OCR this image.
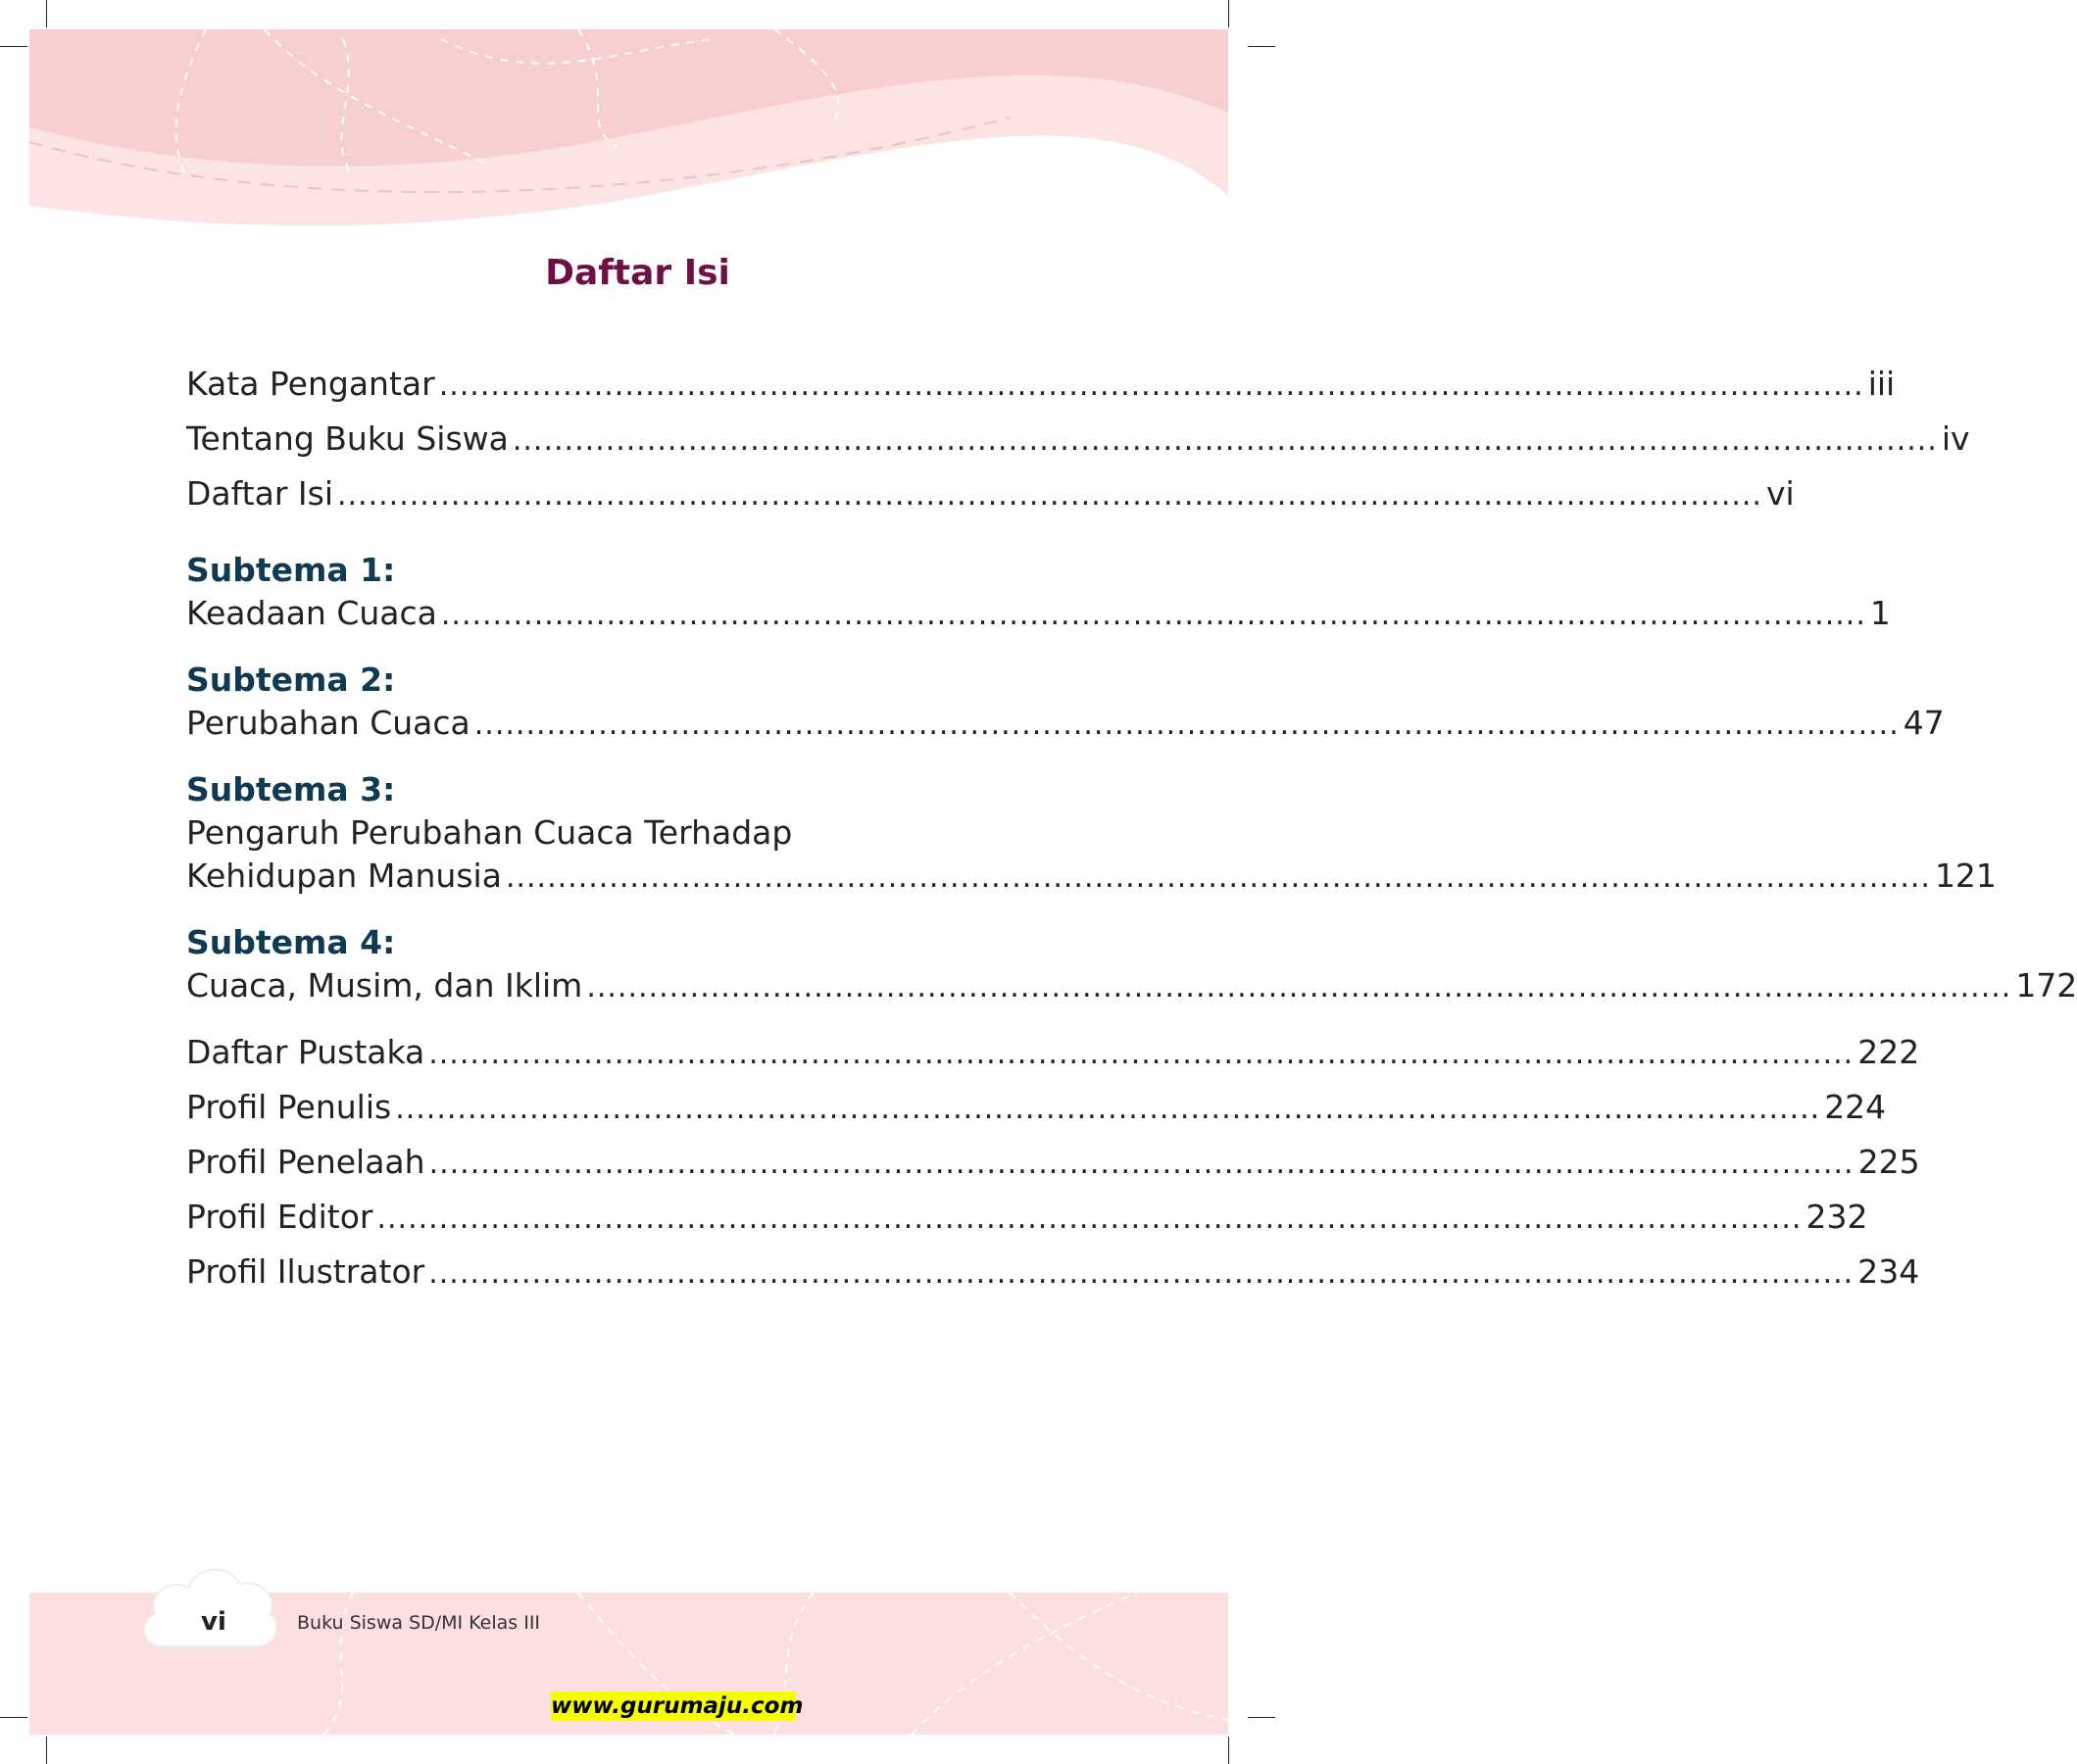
Daftar Isi
Kata Pengantar .......................................................................................................................................... iii
Tentang Buku Siswa .......................................................................................................................................... iv
Daftar Isi .......................................................................................................................................... vi
Subtema 1:
Keadaan Cuaca .......................................................................................................................................... 1
Subtema 2:
Perubahan Cuaca .......................................................................................................................................... 47
Subtema 3:
Pengaruh Perubahan Cuaca Terhadap
Kehidupan Manusia .......................................................................................................................................... 121
Subtema 4:
Cuaca, Musim, dan Iklim .......................................................................................................................................... 172
Daftar Pustaka .......................................................................................................................................... 222
Profil Penulis .......................................................................................................................................... 224
Profil Penelaah .......................................................................................................................................... 225
Profil Editor .......................................................................................................................................... 232
Profil Ilustrator .......................................................................................................................................... 234
vi	Buku Siswa SD/MI Kelas III
www.gurumaju.com
